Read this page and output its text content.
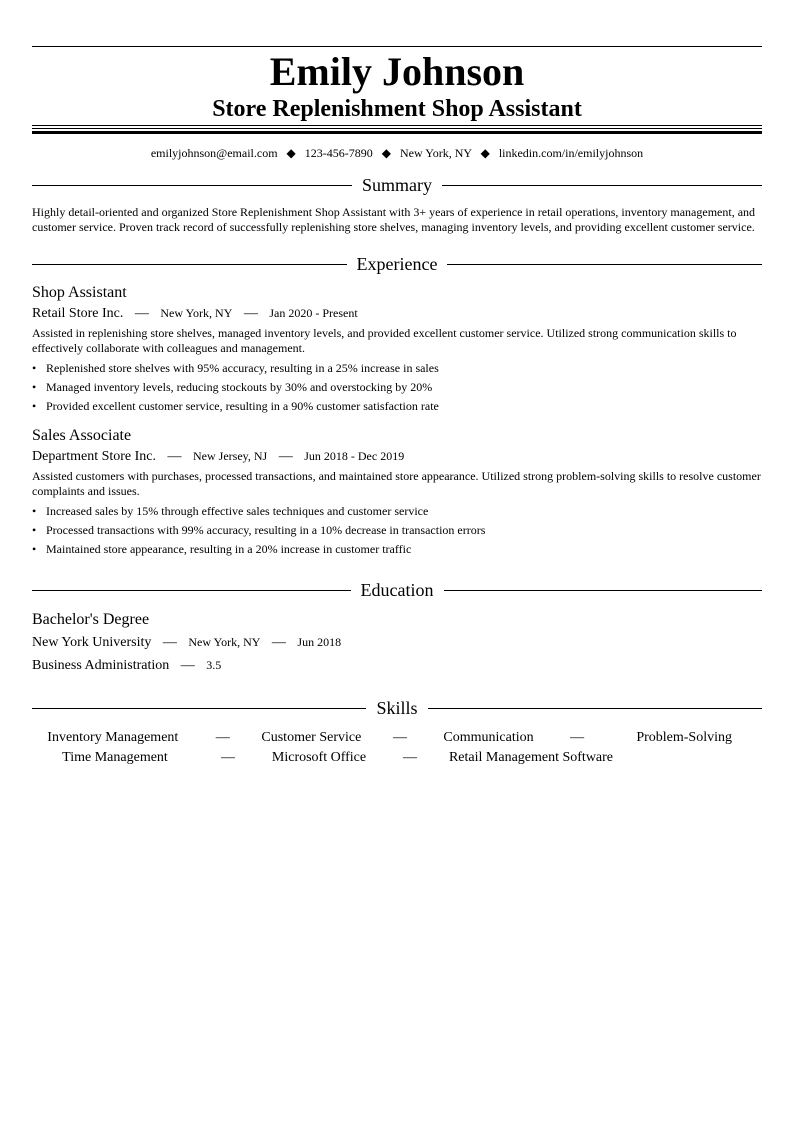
Emily Johnson
Store Replenishment Shop Assistant
emilyjohnson@email.com ◆ 123-456-7890 ◆ New York, NY ◆ linkedin.com/in/emilyjohnson
Summary
Highly detail-oriented and organized Store Replenishment Shop Assistant with 3+ years of experience in retail operations, inventory management, and customer service. Proven track record of successfully replenishing store shelves, managing inventory levels, and providing excellent customer service.
Experience
Shop Assistant
Retail Store Inc. — New York, NY — Jan 2020 - Present
Assisted in replenishing store shelves, managed inventory levels, and provided excellent customer service. Utilized strong communication skills to effectively collaborate with colleagues and management.
• Replenished store shelves with 95% accuracy, resulting in a 25% increase in sales
• Managed inventory levels, reducing stockouts by 30% and overstocking by 20%
• Provided excellent customer service, resulting in a 90% customer satisfaction rate
Sales Associate
Department Store Inc. — New Jersey, NJ — Jun 2018 - Dec 2019
Assisted customers with purchases, processed transactions, and maintained store appearance. Utilized strong problem-solving skills to resolve customer complaints and issues.
• Increased sales by 15% through effective sales techniques and customer service
• Processed transactions with 99% accuracy, resulting in a 10% decrease in transaction errors
• Maintained store appearance, resulting in a 20% increase in customer traffic
Education
Bachelor's Degree
New York University — New York, NY — Jun 2018
Business Administration — 3.5
Skills
Inventory Management	—	Customer Service	—	Communication	—	Problem-Solving
Time Management	—	Microsoft Office	—	Retail Management Software
